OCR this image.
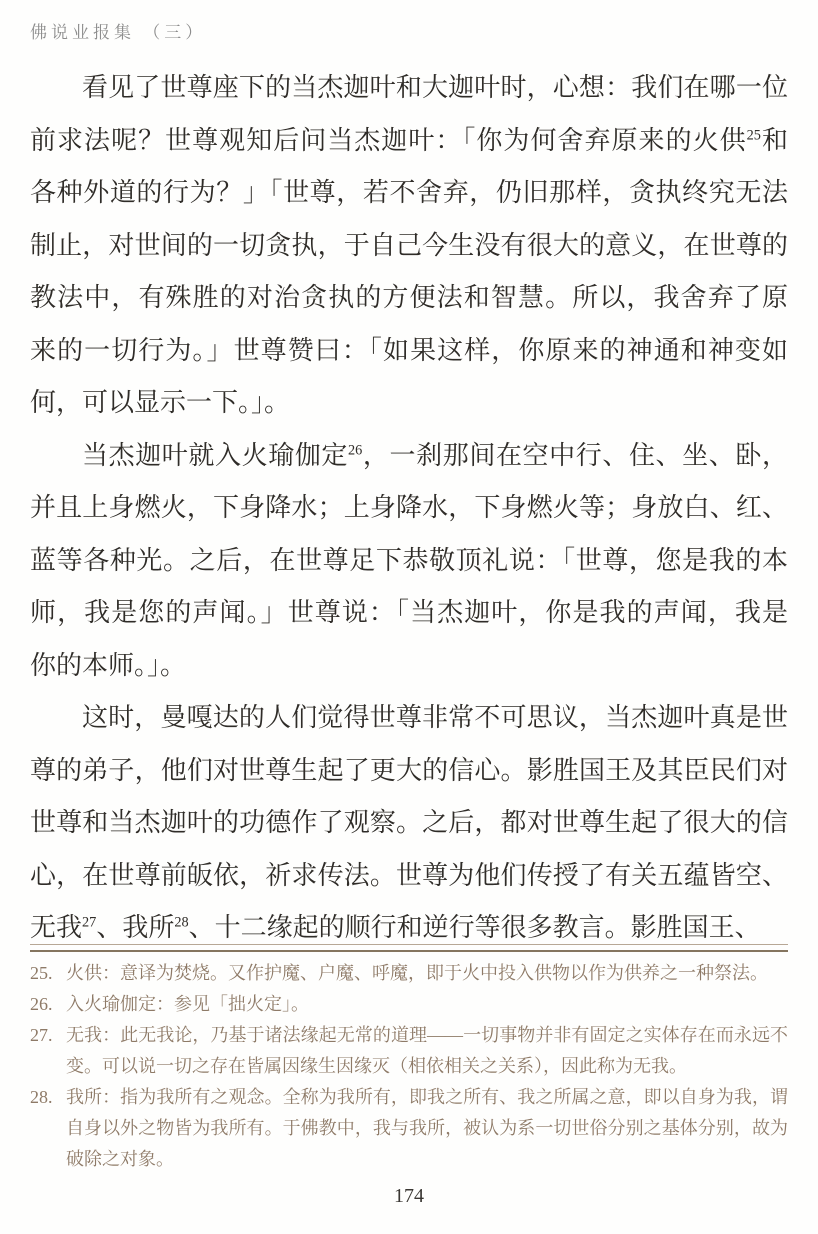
佛说业报集 （三）
看见了世尊座下的当杰迦叶和大迦叶时，心想：我们在哪一位
前求法呢？世尊观知后问当杰迦叶：「你为何舍弃原来的火供$^{25}$和
各种外道的行为？」「世尊，若不舍弃，仍旧那样，贪执终究无法
制止，对世间的一切贪执，于自己今生没有很大的意义，在世尊的
教法中，有殊胜的对治贪执的方便法和智慧。所以，我舍弃了原
来的一切行为。」世尊赞曰：「如果这样，你原来的神通和神变如
何，可以显示一下。」。
当杰迦叶就入火瑜伽定$^{26}$，一刹那间在空中行、住、坐、卧，
并且上身燃火，下身降水；上身降水，下身燃火等；身放白、红、
蓝等各种光。之后，在世尊足下恭敬顶礼说：「世尊，您是我的本
师，我是您的声闻。」世尊说：「当杰迦叶，你是我的声闻，我是
你的本师。」。
这时，曼嘎达的人们觉得世尊非常不可思议，当杰迦叶真是世
尊的弟子，他们对世尊生起了更大的信心。影胜国王及其臣民们对
世尊和当杰迦叶的功德作了观察。之后，都对世尊生起了很大的信
心，在世尊前皈依，祈求传法。世尊为他们传授了有关五蕴皆空、
无我$^{27}$、我所$^{28}$、十二缘起的顺行和逆行等很多教言。影胜国王、
25. 火供：意译为焚烧。又作护魔、户魔、呼魔，即于火中投入供物以作为供养之一种祭法。
26. 入火瑜伽定：参见「拙火定」。
27. 无我：此无我论，乃基于诸法缘起无常的道理——一切事物并非有固定之实体存在而永远不变。可以说一切之存在皆属因缘生因缘灭（相依相关之关系），因此称为无我。
28. 我所：指为我所有之观念。全称为我所有，即我之所有、我之所属之意，即以自身为我，谓自身以外之物皆为我所有。于佛教中，我与我所，被认为系一切世俗分别之基体分别，故为破除之对象。
174
